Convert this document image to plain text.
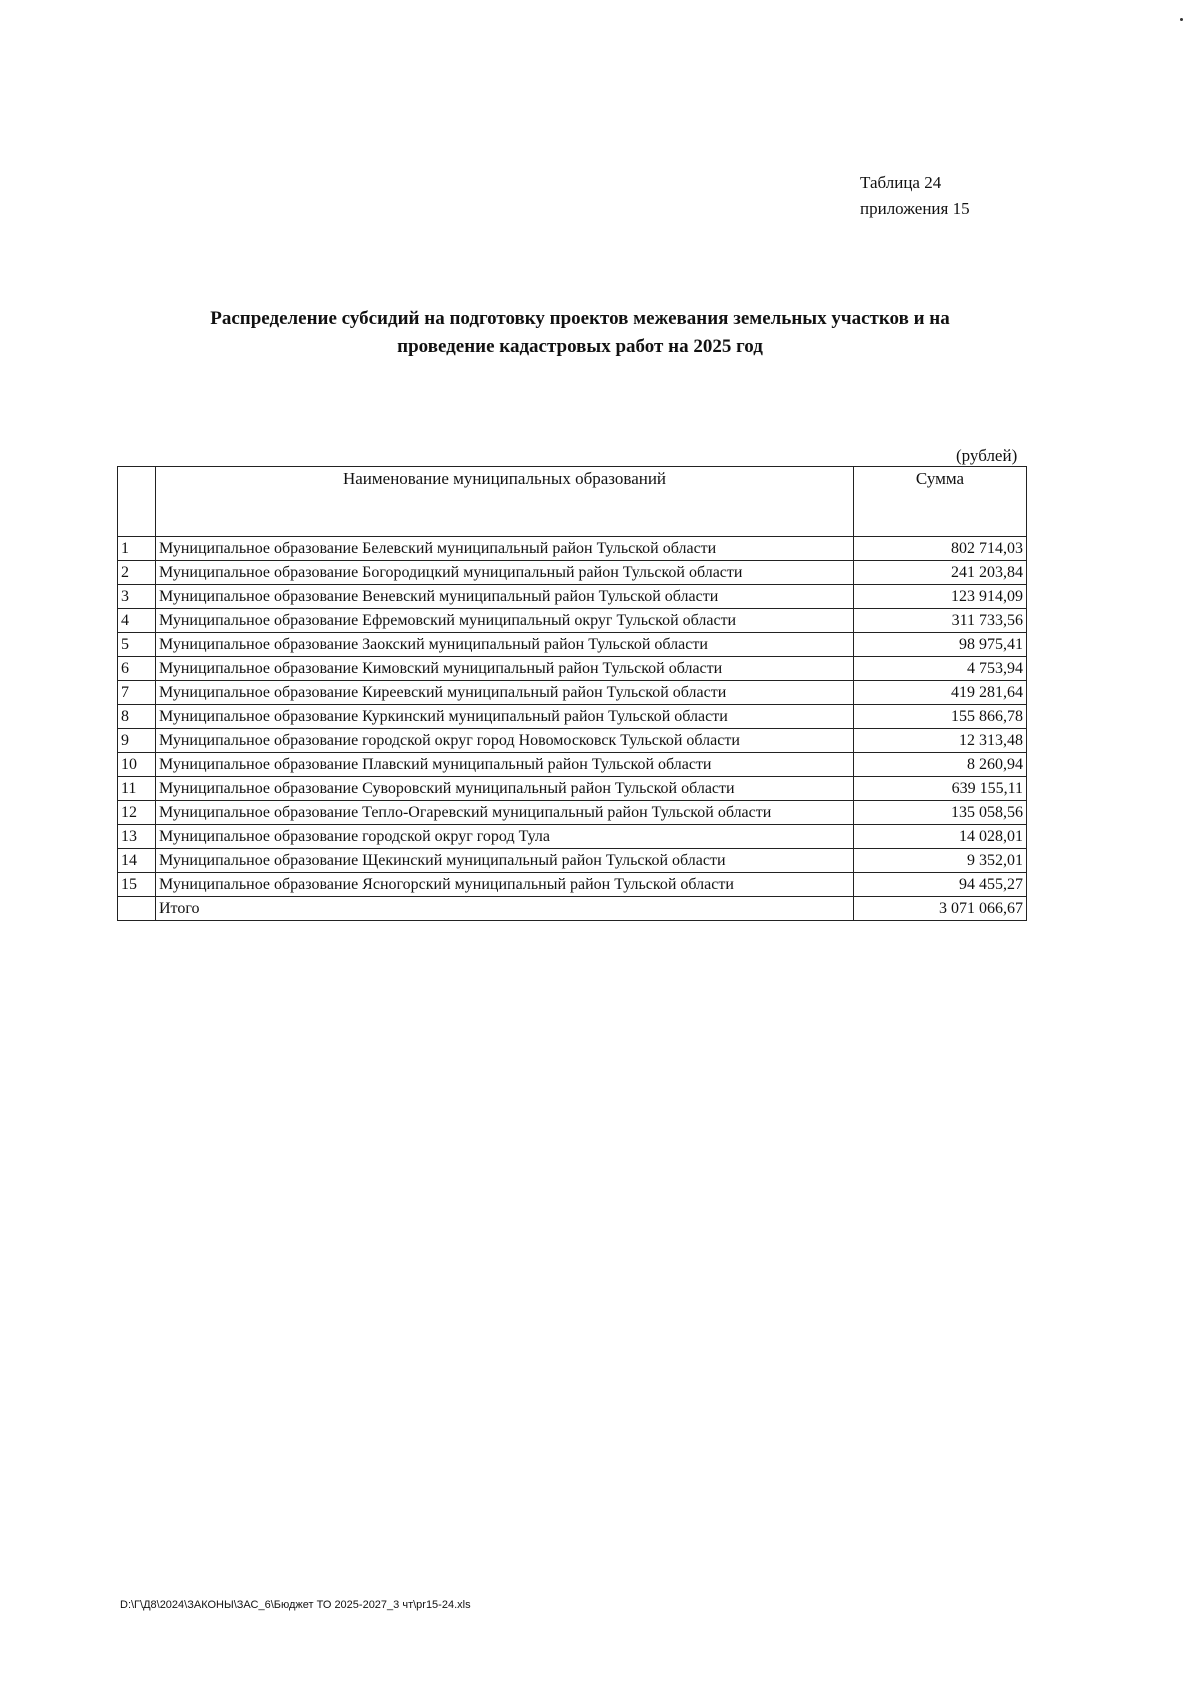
Таблица 24
приложения 15
Распределение субсидий на подготовку проектов межевания земельных участков и на
проведение кадастровых работ на 2025 год
(рублей)
	Наименование муниципальных образований	Сумма
1	Муниципальное образование Белевский муниципальный район Тульской области	802 714,03
2	Муниципальное образование Богородицкий муниципальный район Тульской области	241 203,84
3	Муниципальное образование Веневский муниципальный район Тульской области	123 914,09
4	Муниципальное образование Ефремовский муниципальный округ Тульской области	311 733,56
5	Муниципальное образование Заокский муниципальный район Тульской области	98 975,41
6	Муниципальное образование Кимовский муниципальный район Тульской области	4 753,94
7	Муниципальное образование Киреевский муниципальный район Тульской области	419 281,64
8	Муниципальное образование Куркинский муниципальный район Тульской области	155 866,78
9	Муниципальное образование городской округ город Новомосковск Тульской области	12 313,48
10	Муниципальное образование Плавский муниципальный район Тульской области	8 260,94
11	Муниципальное образование Суворовский муниципальный район Тульской области	639 155,11
12	Муниципальное образование Тепло-Огаревский муниципальный район Тульской области	135 058,56
13	Муниципальное образование городской округ город Тула	14 028,01
14	Муниципальное образование Щекинский муниципальный район Тульской области	9 352,01
15	Муниципальное образование Ясногорский муниципальный район Тульской области	94 455,27
	Итого	3 071 066,67
D:\Г\Д8\2024\ЗАКОНЫ\ЗАС_6\Бюджет ТО 2025-2027_3 чт\pr15-24.xls
